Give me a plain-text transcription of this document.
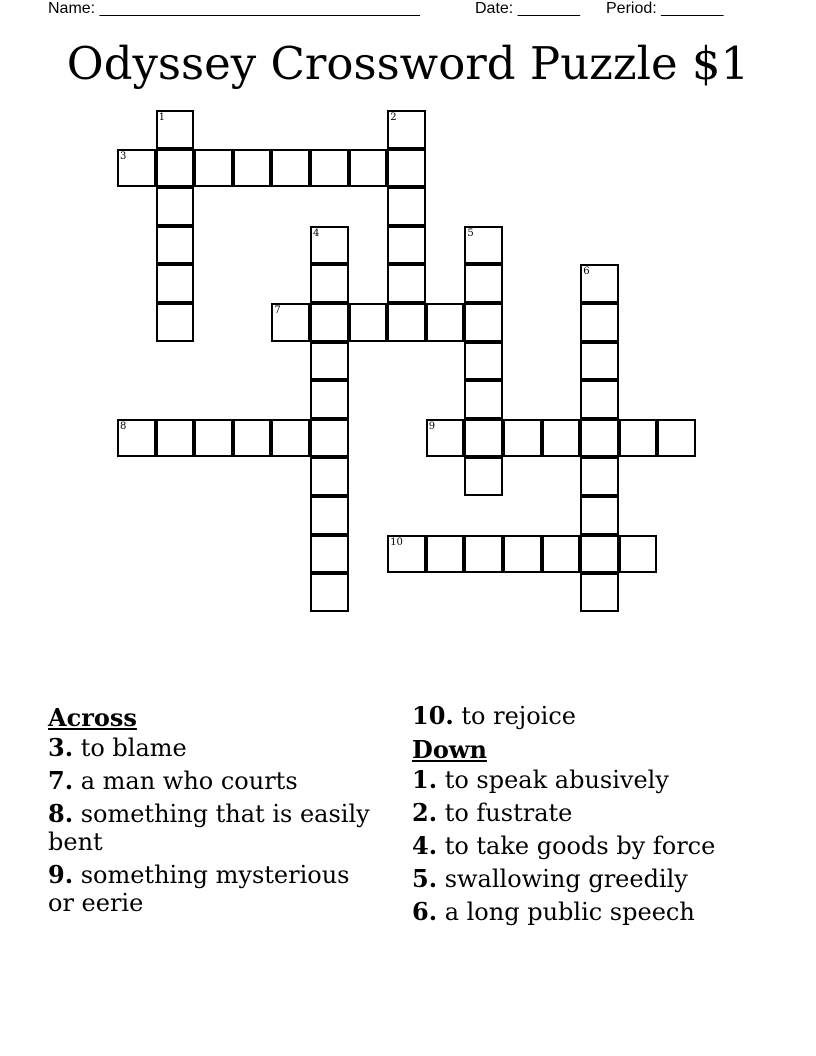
Name: ____________________________________	Date: _______ Period: _______
Odyssey Crossword Puzzle $1
1	2
3
4	5
6
7
8	9
10
Across
3. to blame
7. a man who courts
8. something that is easily bent
9. something mysterious or eerie
10. to rejoice
Down
1. to speak abusively
2. to fustrate
4. to take goods by force
5. swallowing greedily
6. a long public speech
